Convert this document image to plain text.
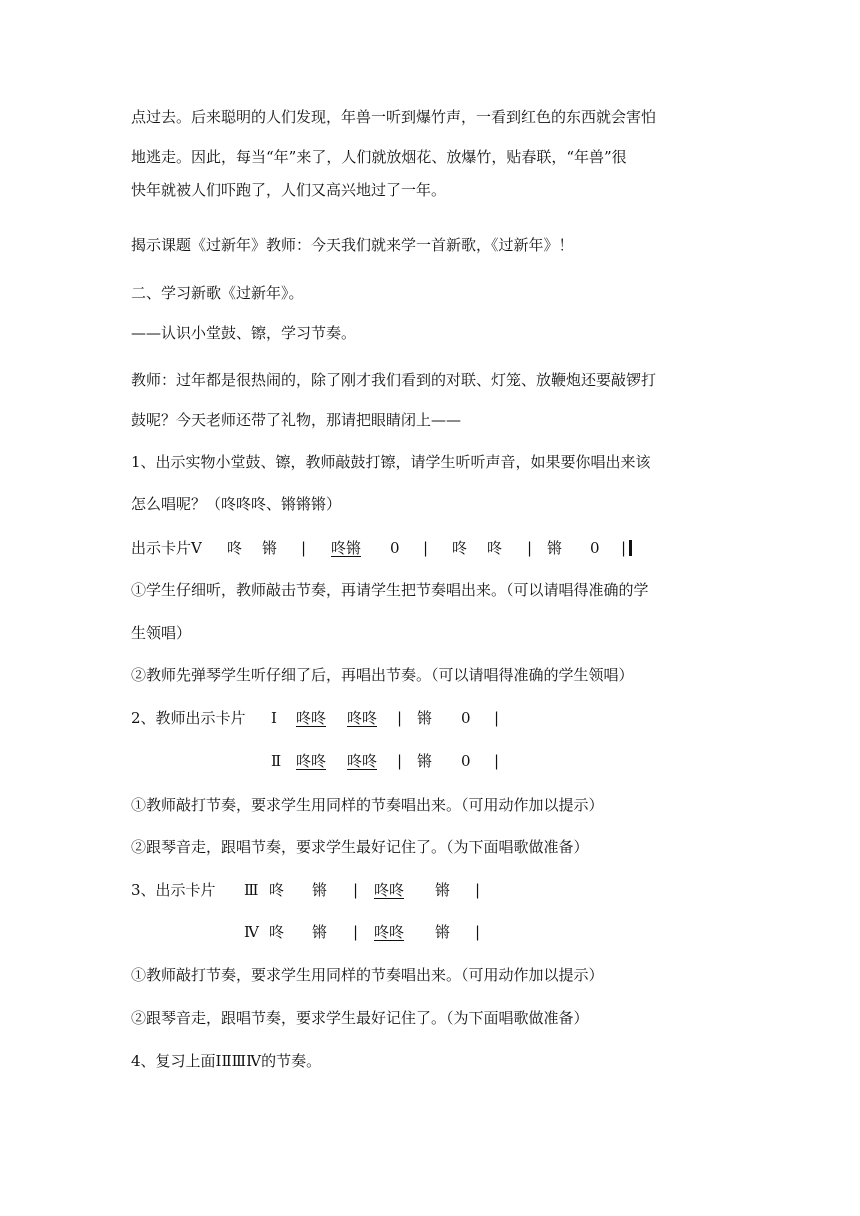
点过去。后来聪明的人们发现，年兽一听到爆竹声，一看到红色的东西就会害怕
地逃走。因此，每当“年”来了，人们就放烟花、放爆竹，贴春联，“年兽”很
快年就被人们吓跑了，人们又高兴地过了一年。
揭示课题《过新年》教师：今天我们就来学一首新歌，《过新年》！
二、学习新歌《过新年》。
——认识小堂鼓、镲，学习节奏。
教师：过年都是很热闹的，除了刚才我们看到的对联、灯笼、放鞭炮还要敲锣打
鼓呢？今天老师还带了礼物，那请把眼睛闭上——
1、出示实物小堂鼓、镲，教师敲鼓打镲，请学生听听声音，如果要你唱出来该
怎么唱呢？（咚咚咚、锵锵锵）
出示卡片Ⅴ 咚 锵 | 咚锵 0 | 咚 咚 | 锵 0 |
①学生仔细听，教师敲击节奏，再请学生把节奏唱出来。（可以请唱得准确的学
生领唱）
②教师先弹琴学生听仔细了后，再唱出节奏。（可以请唱得准确的学生领唱）
2、教师出示卡片 Ⅰ 咚咚 咚咚 | 锵 0 |
Ⅱ 咚咚 咚咚 | 锵 0 |
①教师敲打节奏，要求学生用同样的节奏唱出来。（可用动作加以提示）
②跟琴音走，跟唱节奏，要求学生最好记住了。（为下面唱歌做准备）
3、出示卡片 Ⅲ 咚 锵 | 咚咚 锵 |
Ⅳ 咚 锵 | 咚咚 锵 |
①教师敲打节奏，要求学生用同样的节奏唱出来。（可用动作加以提示）
②跟琴音走，跟唱节奏，要求学生最好记住了。（为下面唱歌做准备）
4、复习上面ⅠⅡⅢⅣ的节奏。
